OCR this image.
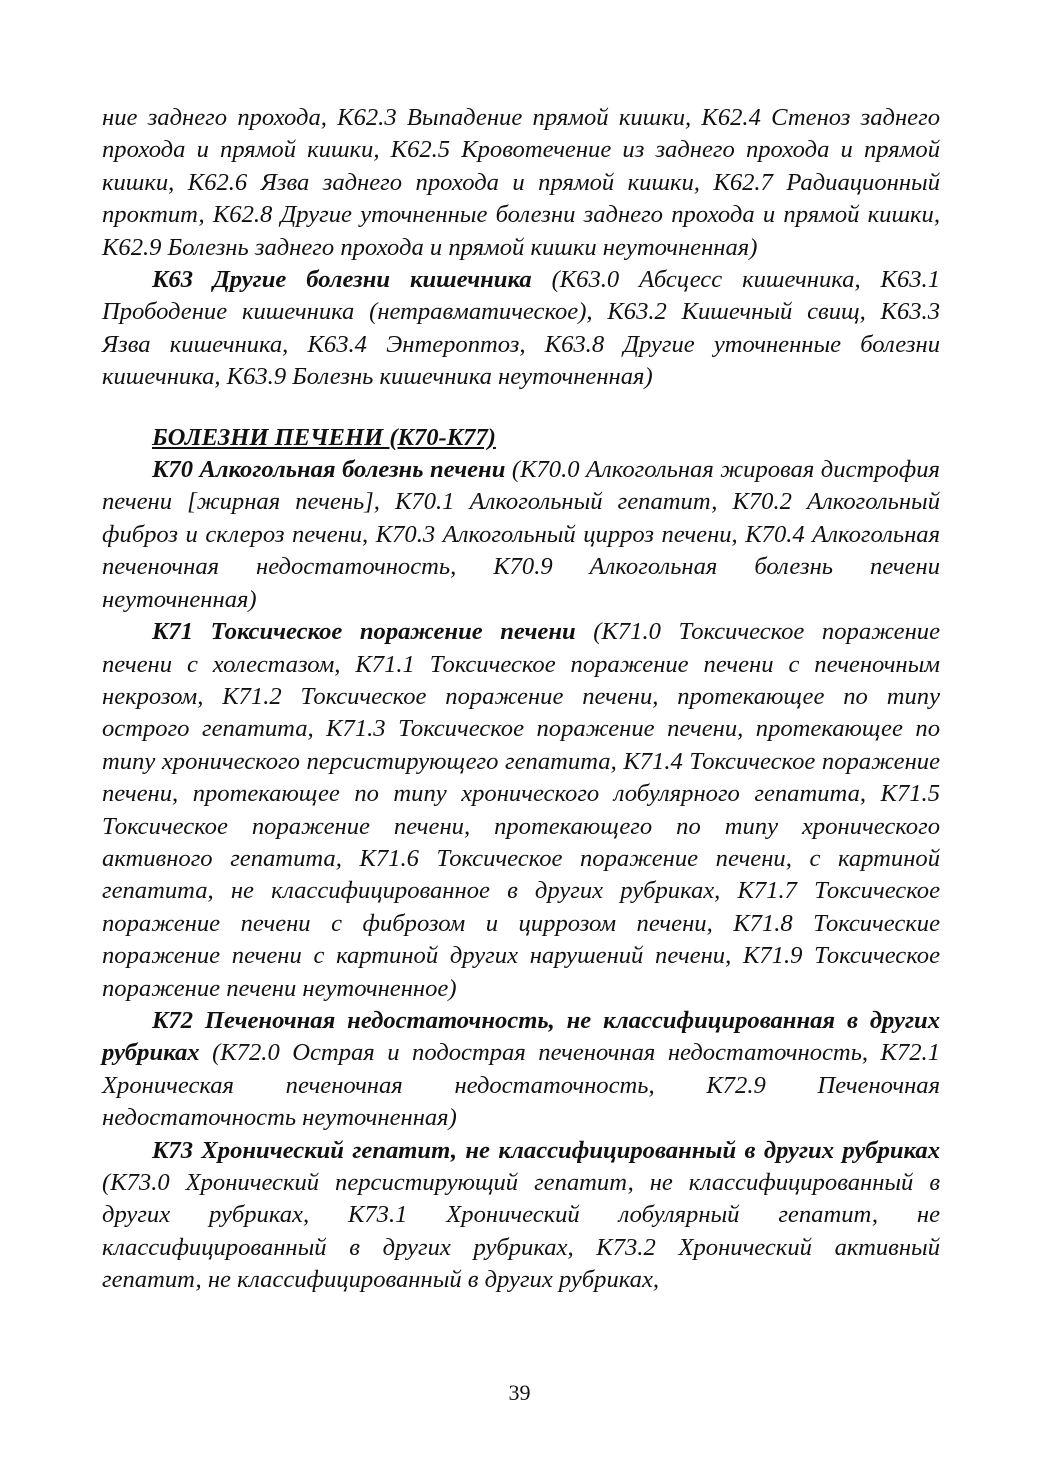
ние заднего прохода, K62.3 Выпадение прямой кишки, K62.4 Стеноз заднего прохода и прямой кишки, K62.5 Кровотечение из заднего прохода и прямой кишки, K62.6 Язва заднего прохода и прямой кишки, K62.7 Радиационный проктит, K62.8 Другие уточненные болезни заднего прохода и прямой кишки, K62.9 Болезнь заднего прохода и прямой кишки неуточненная)

K63 Другие болезни кишечника (K63.0 Абсцесс кишечника, K63.1 Прободение кишечника (нетравматическое), K63.2 Кишечный свищ, K63.3 Язва кишечника, K63.4 Энтероптоз, K63.8 Другие уточненные болезни кишечника, K63.9 Болезнь кишечника неуточненная)

БОЛЕЗНИ ПЕЧЕНИ (K70-K77)

K70 Алкогольная болезнь печени (K70.0 Алкогольная жировая дистрофия печени [жирная печень], K70.1 Алкогольный гепатит, K70.2 Алкогольный фиброз и склероз печени, K70.3 Алкогольный цирроз печени, K70.4 Алкогольная печеночная недостаточность, K70.9 Алкогольная болезнь печени неуточненная)

K71 Токсическое поражение печени (K71.0 Токсическое поражение печени с холестазом, K71.1 Токсическое поражение печени с печеночным некрозом, K71.2 Токсическое поражение печени, протекающее по типу острого гепатита, K71.3 Токсическое поражение печени, протекающее по типу хронического персистирующего гепатита, K71.4 Токсическое поражение печени, протекающее по типу хронического лобулярного гепатита, K71.5 Токсическое поражение печени, протекающего по типу хронического активного гепатита, K71.6 Токсическое поражение печени, с картиной гепатита, не классифицированное в других рубриках, K71.7 Токсическое поражение печени с фиброзом и циррозом печени, K71.8 Токсические поражение печени с картиной других нарушений печени, K71.9 Токсическое поражение печени неуточненное)

K72 Печеночная недостаточность, не классифицированная в других рубриках (K72.0 Острая и подострая печеночная недостаточность, K72.1 Хроническая печеночная недостаточность, K72.9 Печеночная недостаточность неуточненная)

K73 Хронический гепатит, не классифицированный в других рубриках (K73.0 Хронический персистирующий гепатит, не классифицированный в других рубриках, K73.1 Хронический лобулярный гепатит, не классифицированный в других рубриках, K73.2 Хронический активный гепатит, не классифицированный в других рубриках,

39
